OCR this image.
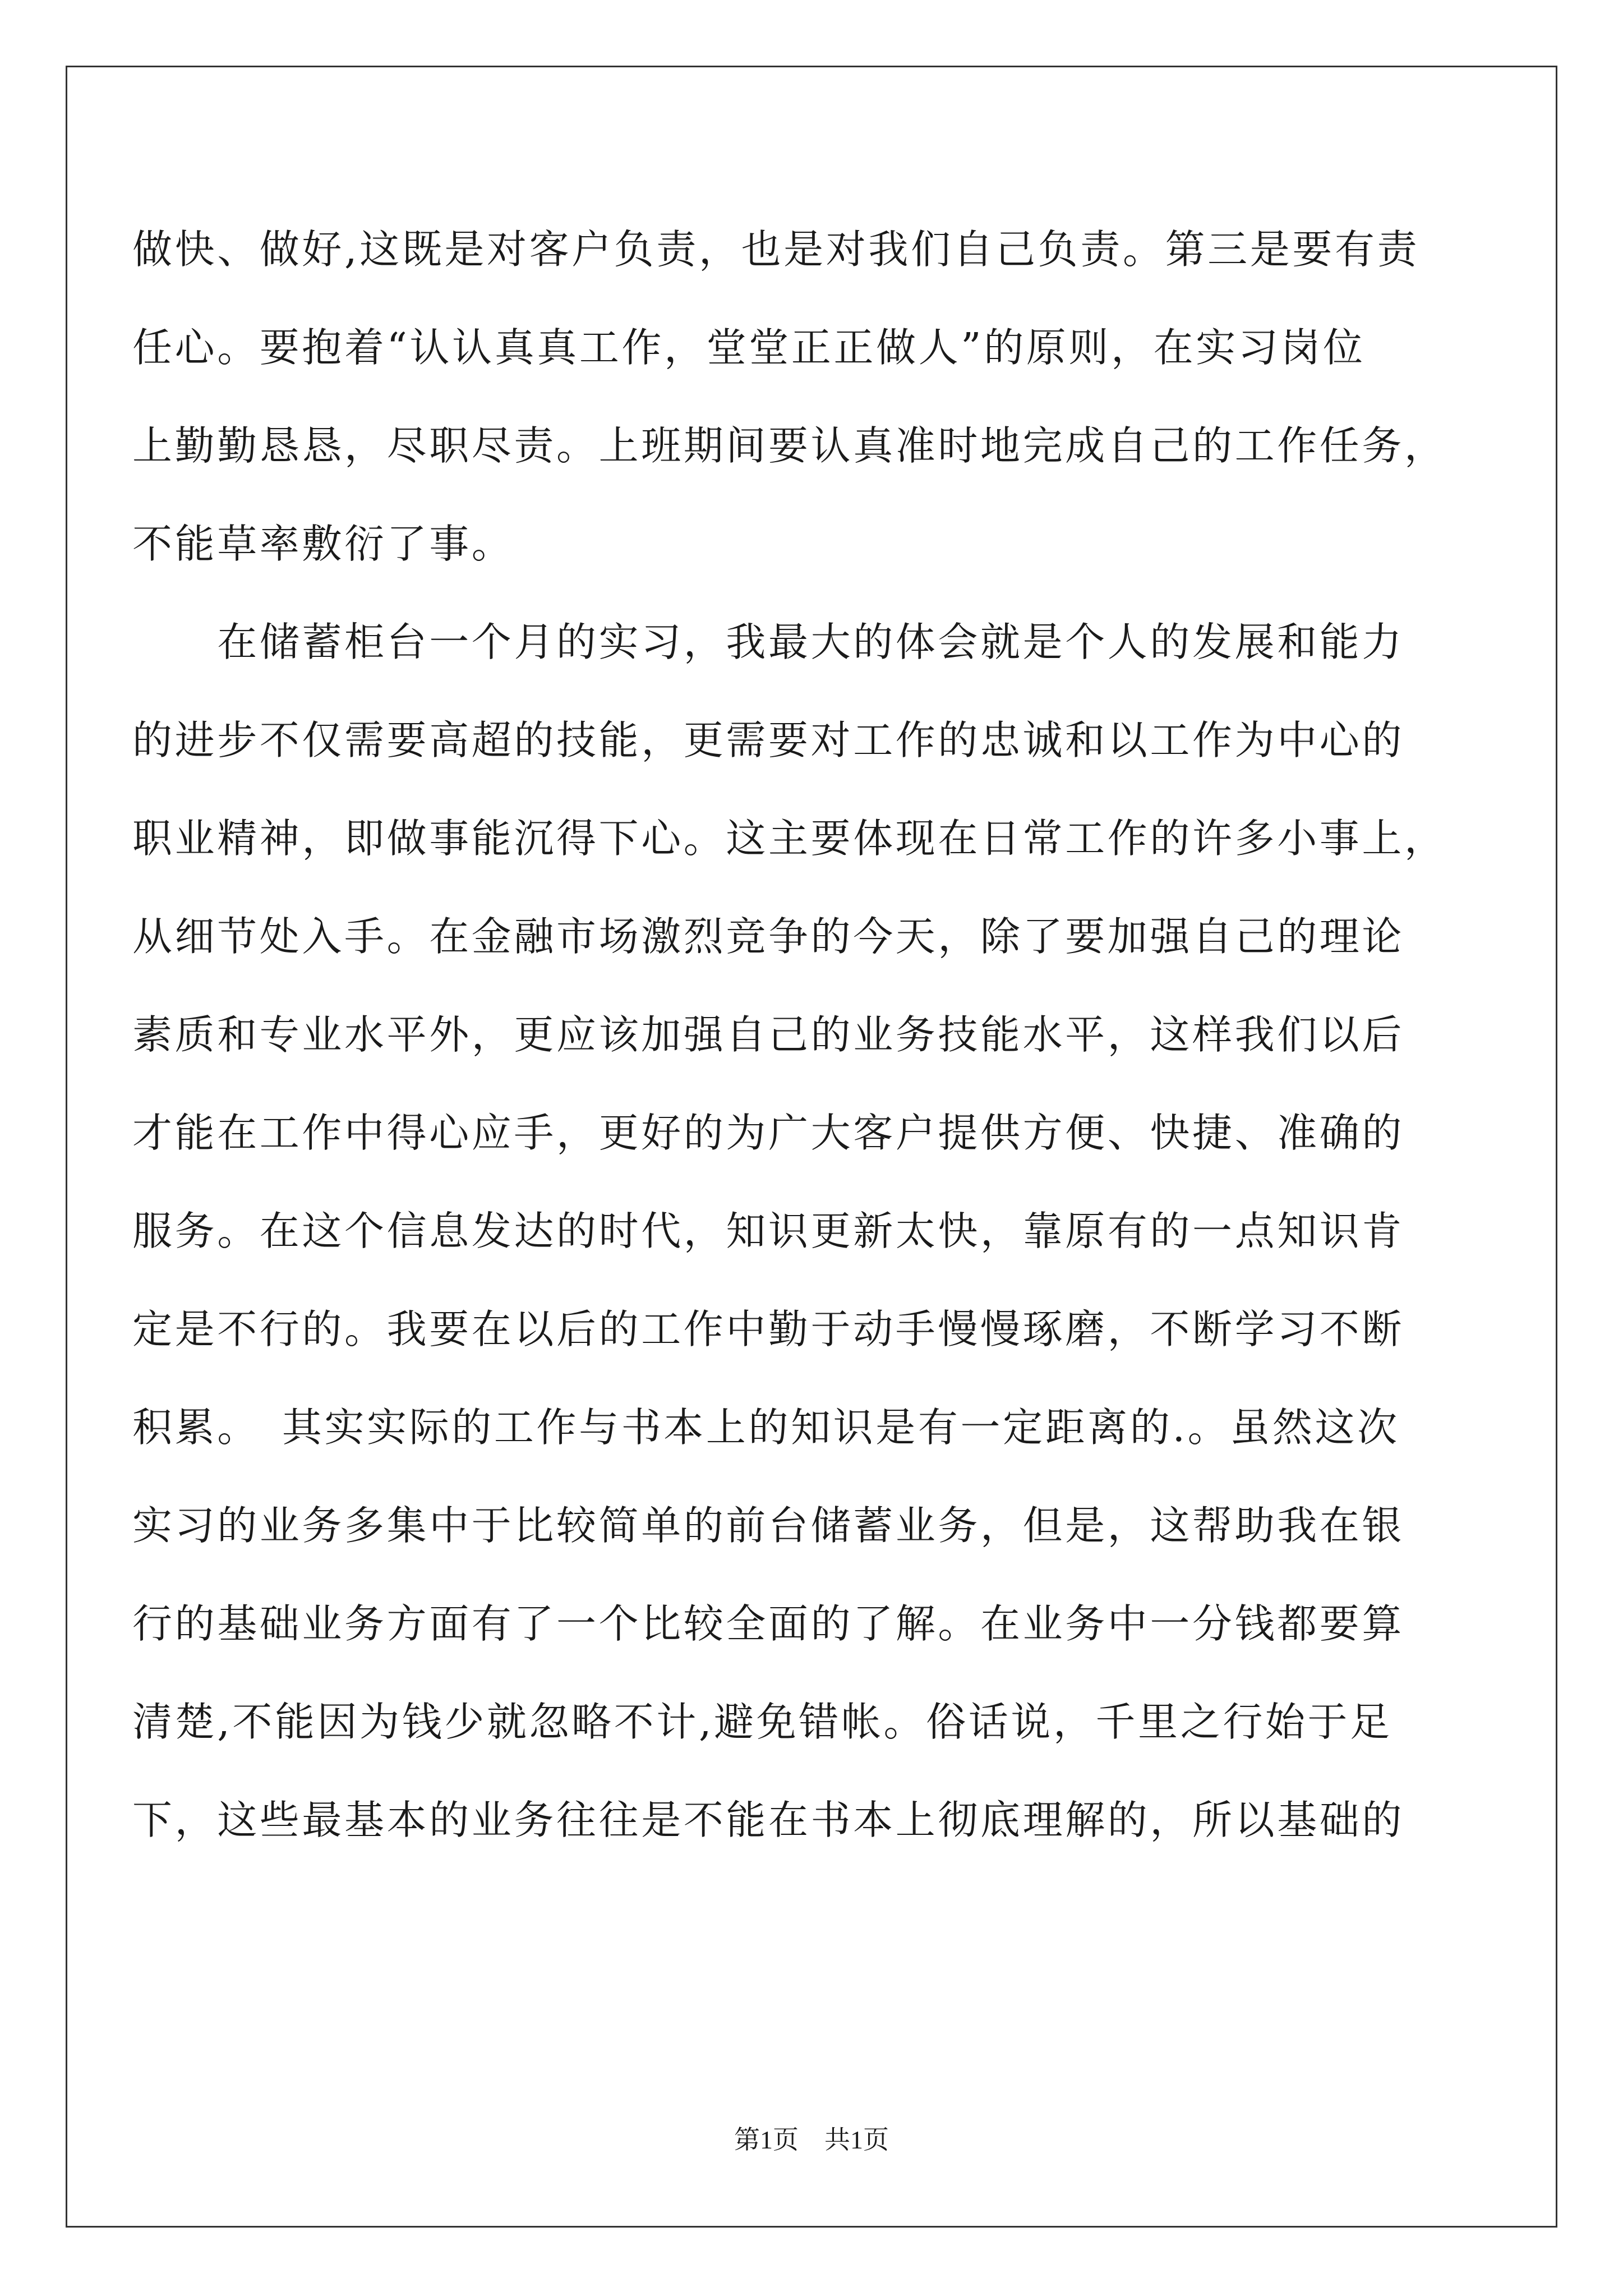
做快、做好,这既是对客户负责，也是对我们自己负责。第三是要有责
任心。要抱着“认认真真工作，堂堂正正做人”的原则，在实习岗位
上勤勤恳恳，尽职尽责。上班期间要认真准时地完成自己的工作任务，
不能草率敷衍了事。
　　在储蓄柜台一个月的实习，我最大的体会就是个人的发展和能力
的进步不仅需要高超的技能，更需要对工作的忠诚和以工作为中心的
职业精神，即做事能沉得下心。这主要体现在日常工作的许多小事上，
从细节处入手。在金融市场激烈竞争的今天，除了要加强自己的理论
素质和专业水平外，更应该加强自己的业务技能水平，这样我们以后
才能在工作中得心应手，更好的为广大客户提供方便、快捷、准确的
服务。在这个信息发达的时代，知识更新太快，靠原有的一点知识肯
定是不行的。我要在以后的工作中勤于动手慢慢琢磨，不断学习不断
积累。　其实实际的工作与书本上的知识是有一定距离的.。虽然这次
实习的业务多集中于比较简单的前台储蓄业务，但是，这帮助我在银
行的基础业务方面有了一个比较全面的了解。在业务中一分钱都要算
清楚,不能因为钱少就忽略不计,避免错帐。俗话说，千里之行始于足
下，这些最基本的业务往往是不能在书本上彻底理解的，所以基础的
第1页 共1页
